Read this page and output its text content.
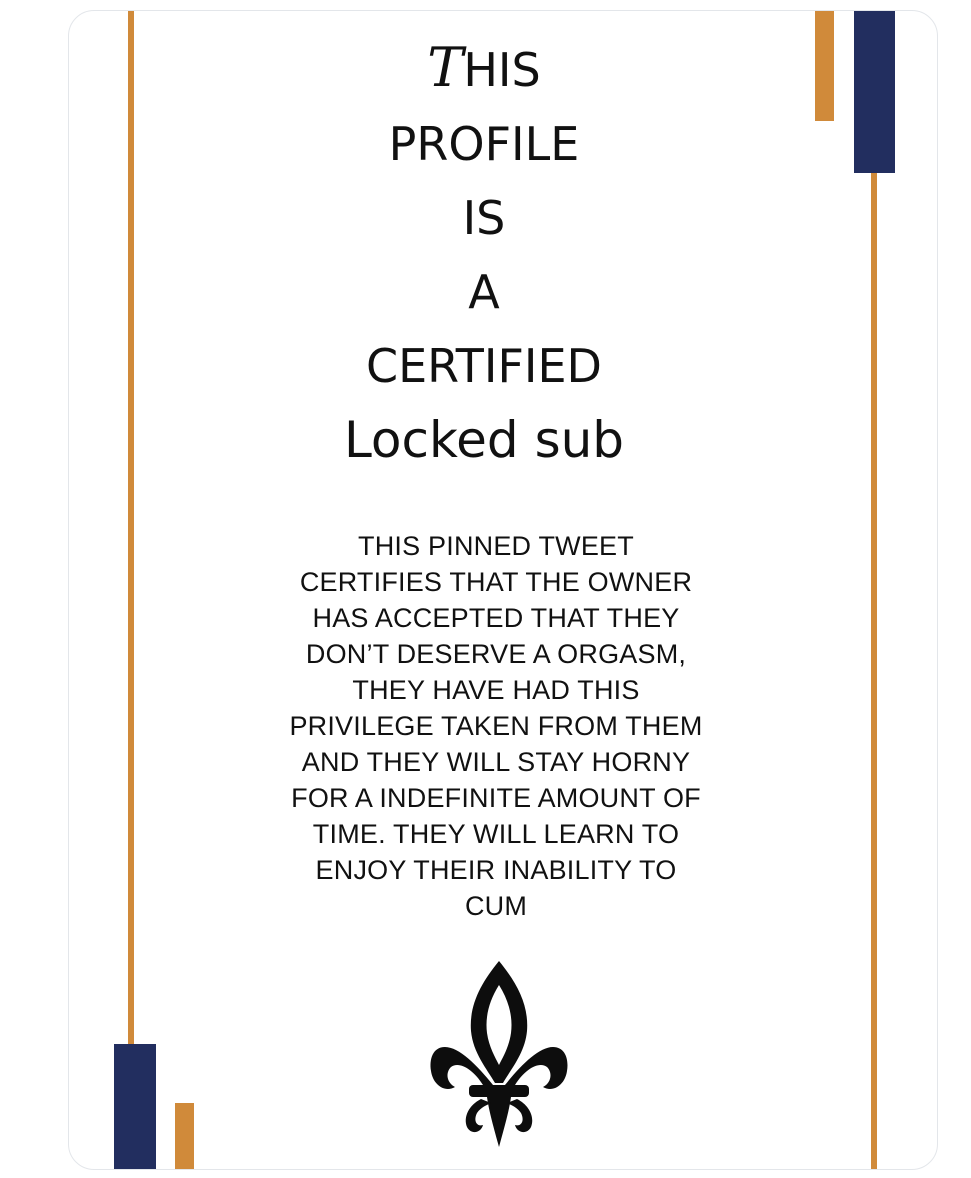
THIS
PROFILE
IS
A
CERTIFIED
Locked sub
THIS PINNED TWEET
CERTIFIES THAT THE OWNER
HAS ACCEPTED THAT THEY
DON’T DESERVE A ORGASM,
THEY HAVE HAD THIS
PRIVILEGE TAKEN FROM THEM
AND THEY WILL STAY HORNY
FOR A INDEFINITE AMOUNT OF
TIME. THEY WILL LEARN TO
ENJOY THEIR INABILITY TO
CUM
